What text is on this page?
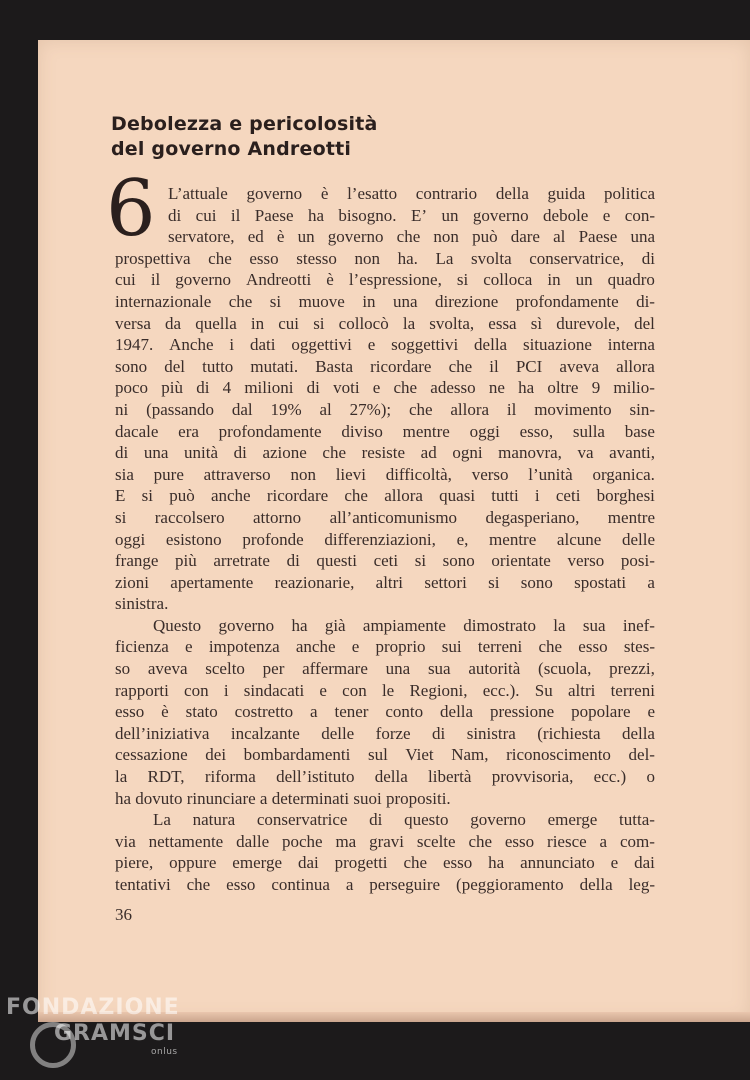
Debolezza e pericolosità
del governo Andreotti
6 L’attuale governo è l’esatto contrario della guida politica
di cui il Paese ha bisogno. E’ un governo debole e con-
servatore, ed è un governo che non può dare al Paese una
prospettiva che esso stesso non ha. La svolta conservatrice, di
cui il governo Andreotti è l’espressione, si colloca in un quadro
internazionale che si muove in una direzione profondamente di-
versa da quella in cui si collocò la svolta, essa sì durevole, del
1947. Anche i dati oggettivi e soggettivi della situazione interna
sono del tutto mutati. Basta ricordare che il PCI aveva allora
poco più di 4 milioni di voti e che adesso ne ha oltre 9 milio-
ni (passando dal 19% al 27%); che allora il movimento sin-
dacale era profondamente diviso mentre oggi esso, sulla base
di una unità di azione che resiste ad ogni manovra, va avanti,
sia pure attraverso non lievi difficoltà, verso l’unità organica.
E si può anche ricordare che allora quasi tutti i ceti borghesi
si raccolsero attorno all’anticomunismo degasperiano, mentre
oggi esistono profonde differenziazioni, e, mentre alcune delle
frange più arretrate di questi ceti si sono orientate verso posi-
zioni apertamente reazionarie, altri settori si sono spostati a
sinistra.
Questo governo ha già ampiamente dimostrato la sua inef-
ficienza e impotenza anche e proprio sui terreni che esso stes-
so aveva scelto per affermare una sua autorità (scuola, prezzi,
rapporti con i sindacati e con le Regioni, ecc.). Su altri terreni
esso è stato costretto a tener conto della pressione popolare e
dell’iniziativa incalzante delle forze di sinistra (richiesta della
cessazione dei bombardamenti sul Viet Nam, riconoscimento del-
la RDT, riforma dell’istituto della libertà provvisoria, ecc.) o
ha dovuto rinunciare a determinati suoi propositi.
La natura conservatrice di questo governo emerge tutta-
via nettamente dalle poche ma gravi scelte che esso riesce a com-
piere, oppure emerge dai progetti che esso ha annunciato e dai
tentativi che esso continua a perseguire (peggioramento della leg-
36
FONDAZIONE
GRAMSCI
onlus
